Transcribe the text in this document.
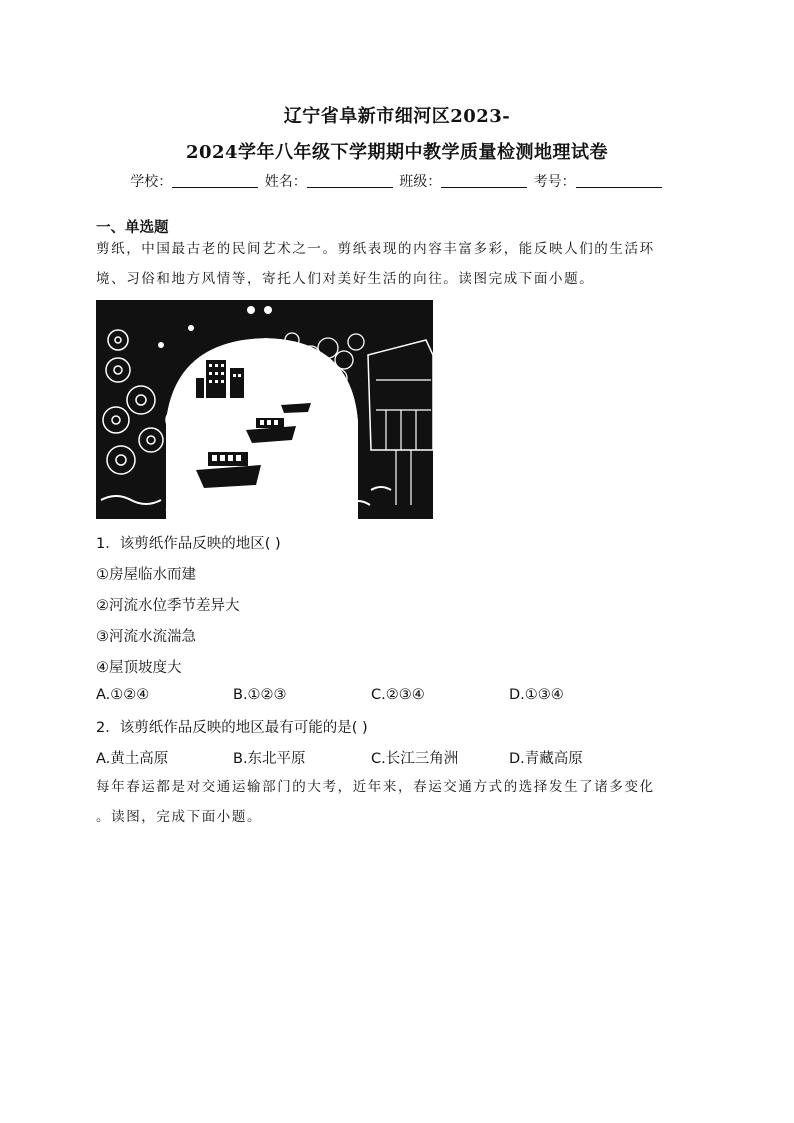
辽宁省阜新市细河区2023-
2024学年八年级下学期期中教学质量检测地理试卷
学校：	姓名：	班级：	考号：
一、单选题
剪纸，中国最古老的民间艺术之一。剪纸表现的内容丰富多彩，能反映人们的生活环
境、习俗和地方风情等，寄托人们对美好生活的向往。读图完成下面小题。
1．该剪纸作品反映的地区( )
①房屋临水而建
②河流水位季节差异大
③河流水流湍急
④屋顶坡度大
A.①②④	B.①②③	C.②③④	D.①③④
2．该剪纸作品反映的地区最有可能的是( )
A.黄土高原	B.东北平原	C.长江三角洲	D.青藏高原
每年春运都是对交通运输部门的大考，近年来，春运交通方式的选择发生了诸多变化
。读图，完成下面小题。
